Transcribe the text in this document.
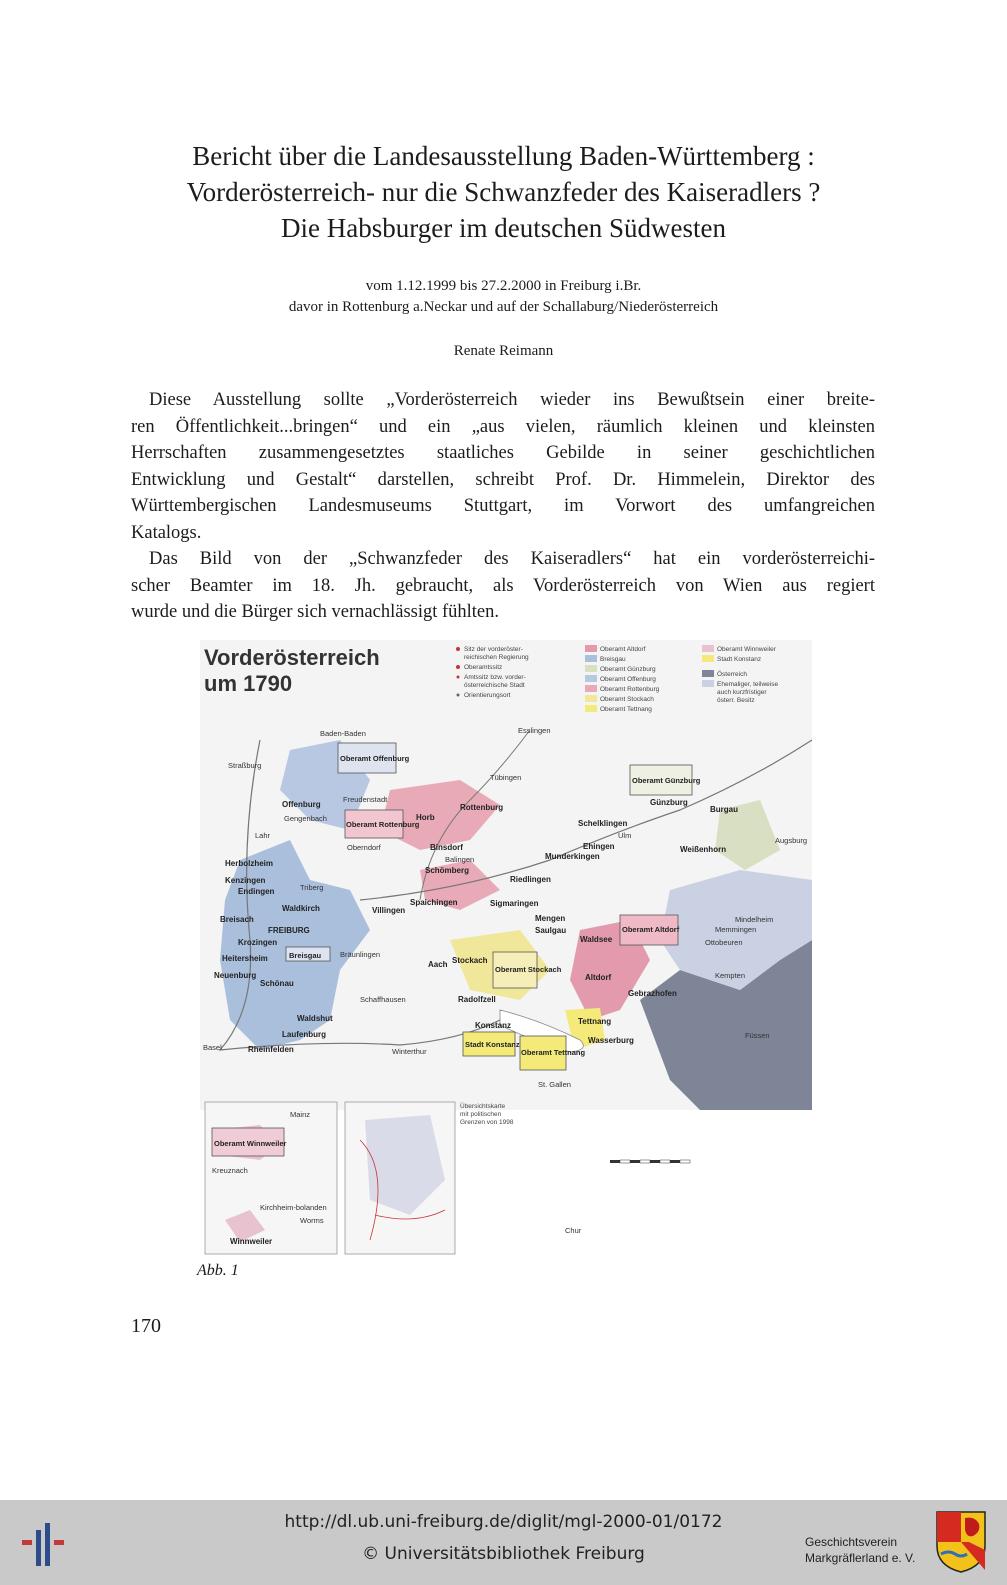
Bericht über die Landesausstellung Baden-Württemberg :
Vorderösterreich- nur die Schwanzfeder des Kaiseradlers ?
Die Habsburger im deutschen Südwesten
vom 1.12.1999 bis 27.2.2000 in Freiburg i.Br.
davor in Rottenburg a.Neckar und auf der Schallaburg/Niederösterreich
Renate Reimann
Diese Ausstellung sollte „Vorderösterreich wieder ins Bewußtsein einer breite-
ren Öffentlichkeit...bringen“ und ein „aus vielen, räumlich kleinen und kleinsten
Herrschaften zusammengesetztes staatliches Gebilde in seiner geschichtlichen
Entwicklung und Gestalt“ darstellen, schreibt Prof. Dr. Himmelein, Direktor des
Württembergischen Landesmuseums Stuttgart, im Vorwort des umfangreichen
Katalogs.
Das Bild von der „Schwanzfeder des Kaiseradlers“ hat ein vorderösterreichi-
scher Beamter im 18. Jh. gebraucht, als Vorderösterreich von Wien aus regiert
wurde und die Bürger sich vernachlässigt fühlten.
Vorderösterreich
um 1790
Sitz der vorderöster-
reichischen Regierung
Oberamtssitz
Amtssitz bzw. vorder-
österreichische Stadt
Orientierungsort
Oberamt Altdorf
Breisgau
Oberamt Günzburg
Oberamt Offenburg
Oberamt Rottenburg
Oberamt Stockach
Oberamt Tettnang
Oberamt Winnweiler
Stadt Konstanz
Österreich
Ehemaliger, teilweise
auch kurzfristiger
österr. Besitz
Oberamt Offenburg
Oberamt Rottenburg
Oberamt Günzburg
Oberamt Altdorf
Oberamt Stockach
Stadt Konstanz
Oberamt Tettnang
Breisgau
Baden-Baden
Straßburg
Offenburg
Gengenbach
Lahr
Freudenstadt
Horb
Rottenburg
Tübingen
Oberndorf	Binsdorf
Balingen
Herbolzheim
Kenzingen
Endingen	Triberg
Waldkirch
Breisach
FREIBURG
Krozingen
Heitersheim
Neuenburg
Schönau
Villingen
Bräunlingen
Schömberg
Spaichingen
Riedlingen
Sigmaringen
Mengen
Saulgau
Munderkingen
Ehingen
Schelklingen
Ulm
Günzburg
Burgau
Weißenhorn
Aach Stockach
Radolfzell
Konstanz
Waldsee
Altdorf
Gebrazhofen
Tettnang
Wasserburg
Waldshut
Laufenburg
Rheinfelden
Schaffhausen
Winterthur
St. Gallen
Chur
Kempten
Füssen
Memmingen
Mindelheim
Augsburg
Ottobeuren
Esslingen
Basel
Oberamt Winnweiler
Mainz
Kreuznach
Kirchheim-bolanden
Worms
Winnweiler
Übersichtskarte
mit politischen
Grenzen von 1998
Abb. 1
170
http://dl.ub.uni-freiburg.de/diglit/mgl-2000-01/0172
© Universitätsbibliothek Freiburg
Geschichtsverein
Markgräflerland e. V.
